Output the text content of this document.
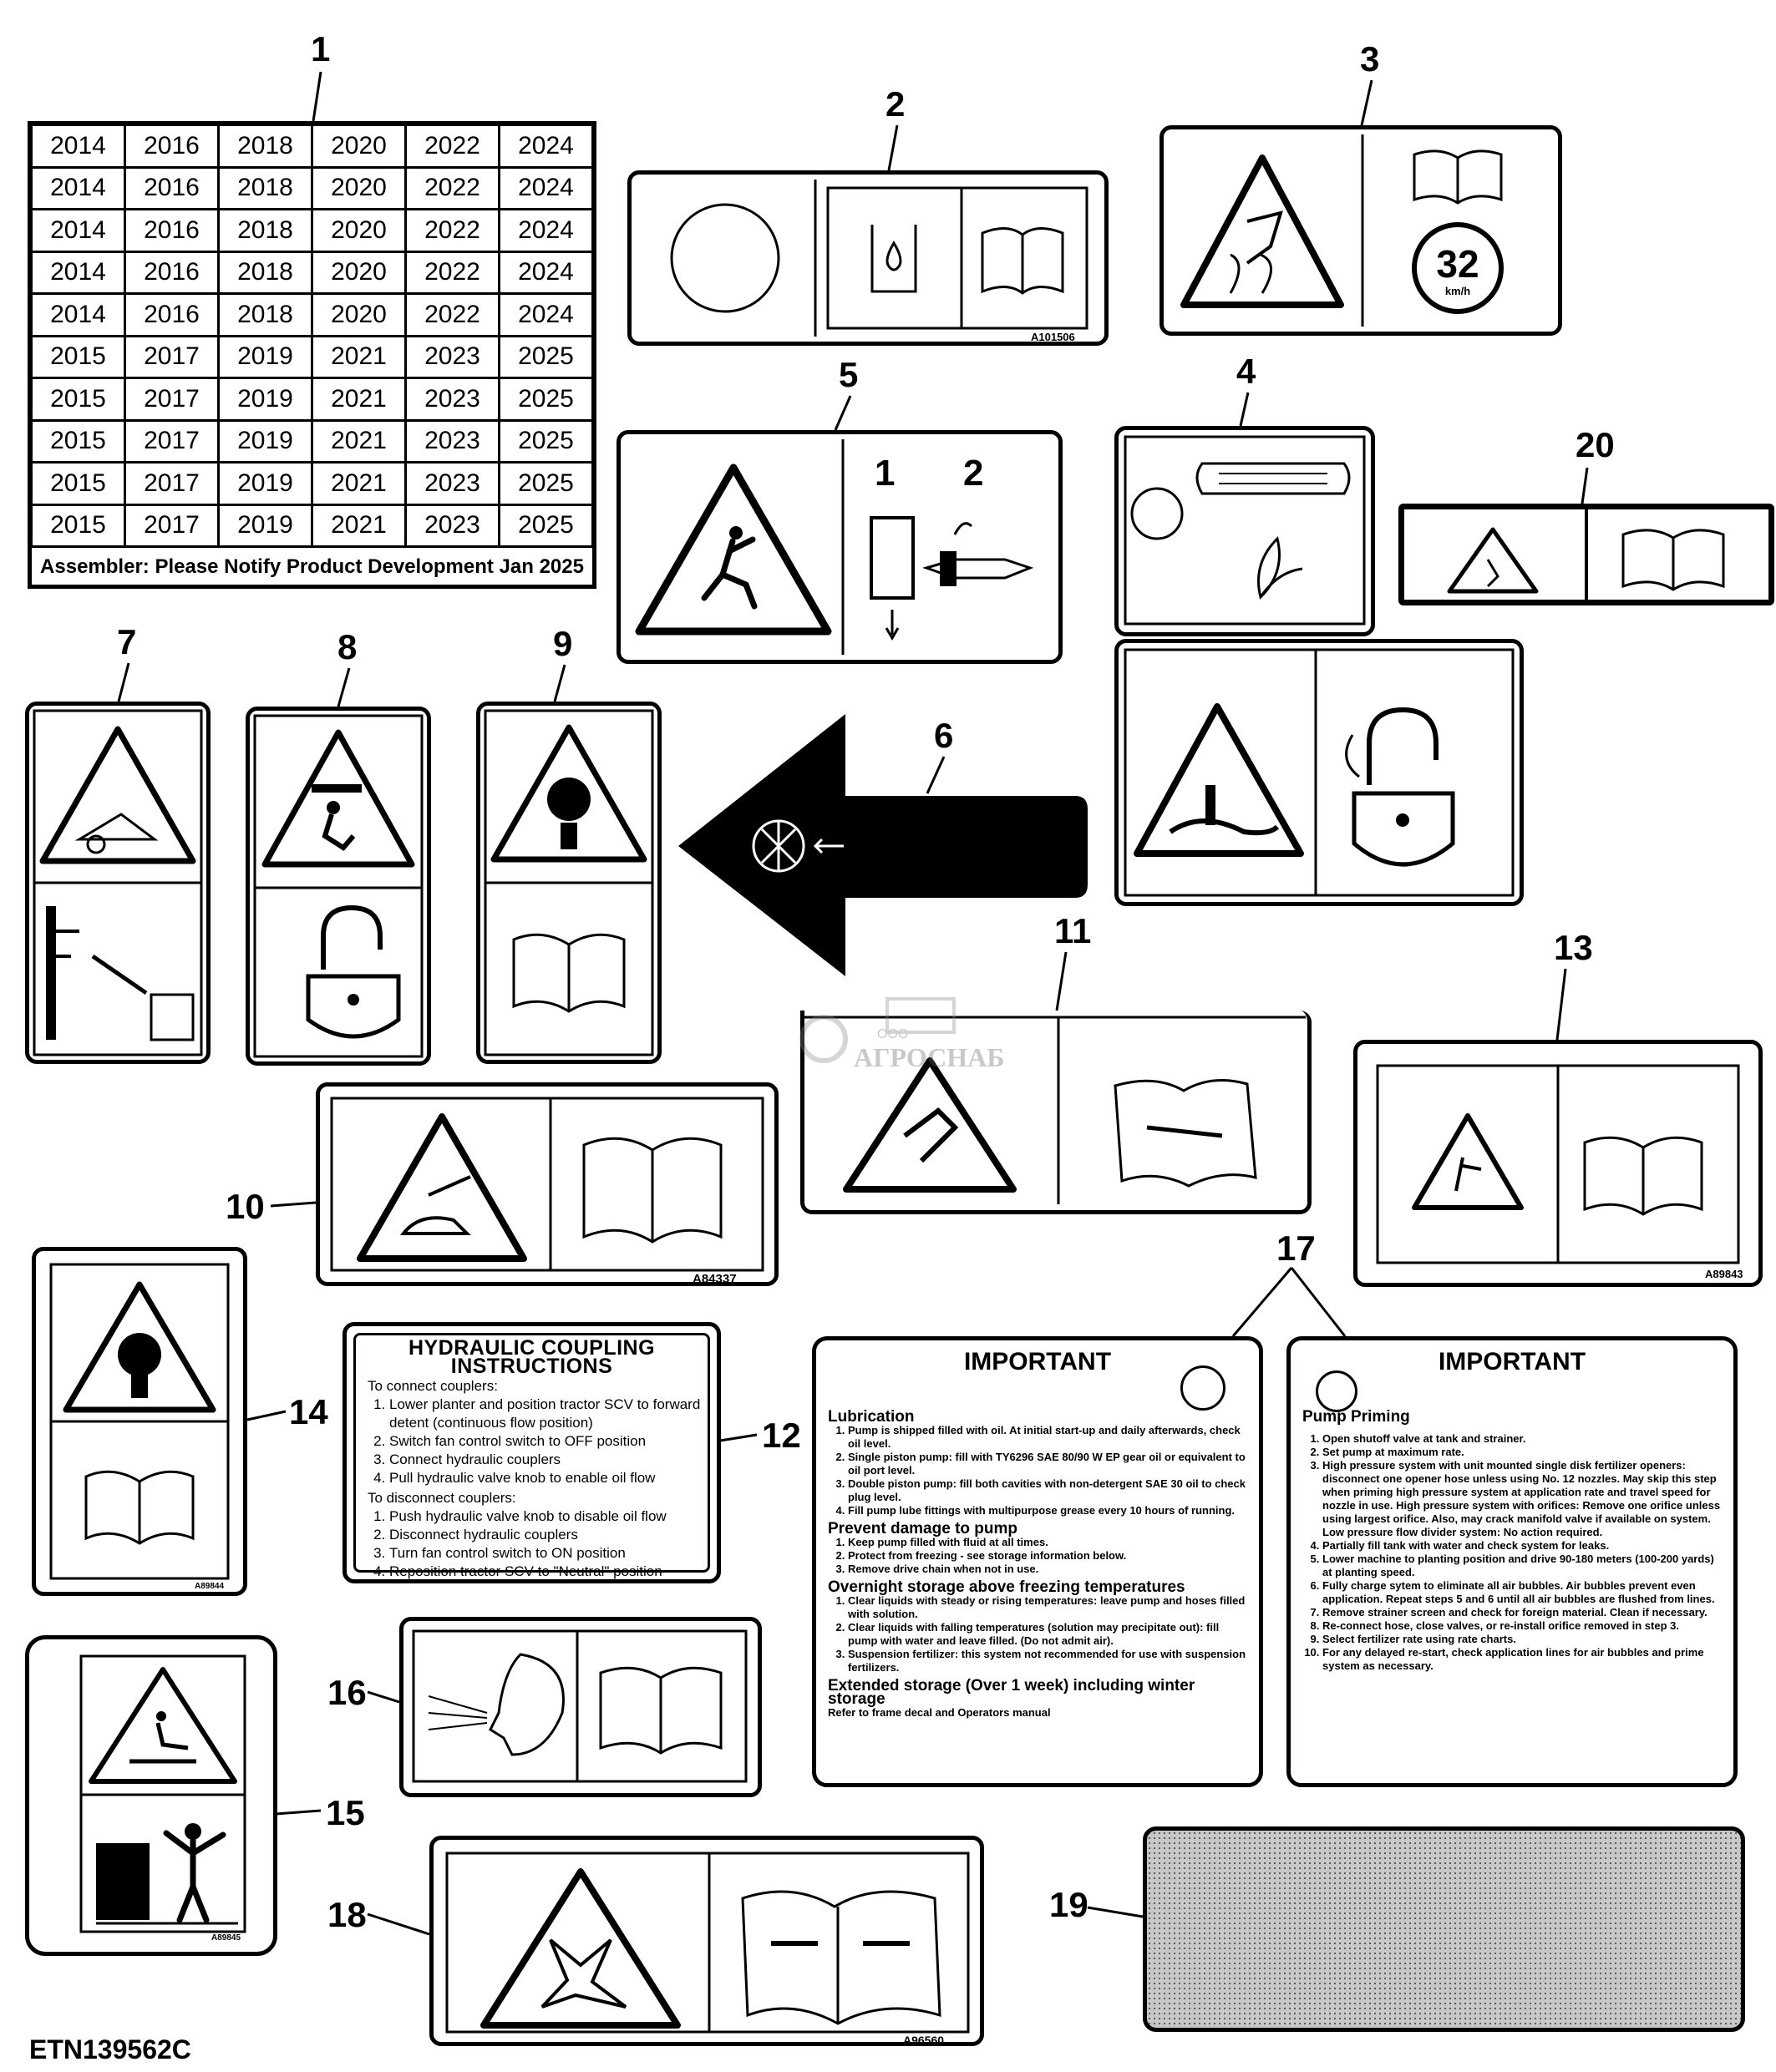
1
2
3
4
5
6
7	8	9
10
11
12
13
14
15
16
17
18	19
20
2014	2016	2018	2020	2022	2024
2014	2016	2018	2020	2022	2024
2014	2016	2018	2020	2022	2024
2014	2016	2018	2020	2022	2024
2014	2016	2018	2020	2022	2024
2015	2017	2019	2021	2023	2025
2015	2017	2019	2021	2023	2025
2015	2017	2019	2021	2023	2025
2015	2017	2019	2021	2023	2025
2015	2017	2019	2021	2023	2025
Assembler: Please Notify Product Development Jan 2025
A101506
32
km/h
1 2
A84337
ООО
АГРОСНАБ
A89843
A89844
HYDRAULIC COUPLING INSTRUCTIONS
To connect couplers:
1. Lower planter and position tractor SCV to forward detent (continuous flow position)
2. Switch fan control switch to OFF position
3. Connect hydraulic couplers
4. Pull hydraulic valve knob to enable oil flow
To disconnect couplers:
1. Push hydraulic valve knob to disable oil flow
2. Disconnect hydraulic couplers
3. Turn fan control switch to ON position
4. Reposition tractor SCV to "Neutral" position
IMPORTANT
Lubrication
1. Pump is shipped filled with oil. At initial start-up and daily afterwards, check oil level.
2. Single piston pump: fill with TY6296 SAE 80/90 W EP gear oil or equivalent to oil port level.
3. Double piston pump: fill both cavities with non-detergent SAE 30 oil to check plug level.
4. Fill pump lube fittings with multipurpose grease every 10 hours of running.
Prevent damage to pump
1. Keep pump filled with fluid at all times.
2. Protect from freezing - see storage information below.
3. Remove drive chain when not in use.
Overnight storage above freezing temperatures
1. Clear liquids with steady or rising temperatures: leave pump and hoses filled with solution.
2. Clear liquids with falling temperatures (solution may precipitate out): fill pump with water and leave filled. (Do not admit air).
3. Suspension fertilizer: this system not recommended for use with suspension fertilizers.
Extended storage (Over 1 week) including winter storage
Refer to frame decal and Operators manual
IMPORTANT
Pump Priming
1. Open shutoff valve at tank and strainer.
2. Set pump at maximum rate.
3. High pressure system with unit mounted single disk fertilizer openers: disconnect one opener hose unless using No. 12 nozzles. May skip this step when priming high pressure system at application rate and travel speed for nozzle in use. High pressure system with orifices: Remove one orifice unless using largest orifice. Also, may crack manifold valve if available on system. Low pressure flow divider system: No action required.
4. Partially fill tank with water and check system for leaks.
5. Lower machine to planting position and drive 90-180 meters (100-200 yards) at planting speed.
6. Fully charge sytem to eliminate all air bubbles. Air bubbles prevent even application. Repeat steps 5 and 6 until all air bubbles are flushed from lines.
7. Remove strainer screen and check for foreign material. Clean if necessary.
8. Re-connect hose, close valves, or re-install orifice removed in step 3.
9. Select fertilizer rate using rate charts.
10. For any delayed re-start, check application lines for air bubbles and prime system as necessary.
A89845
A96560
ETN139562C
